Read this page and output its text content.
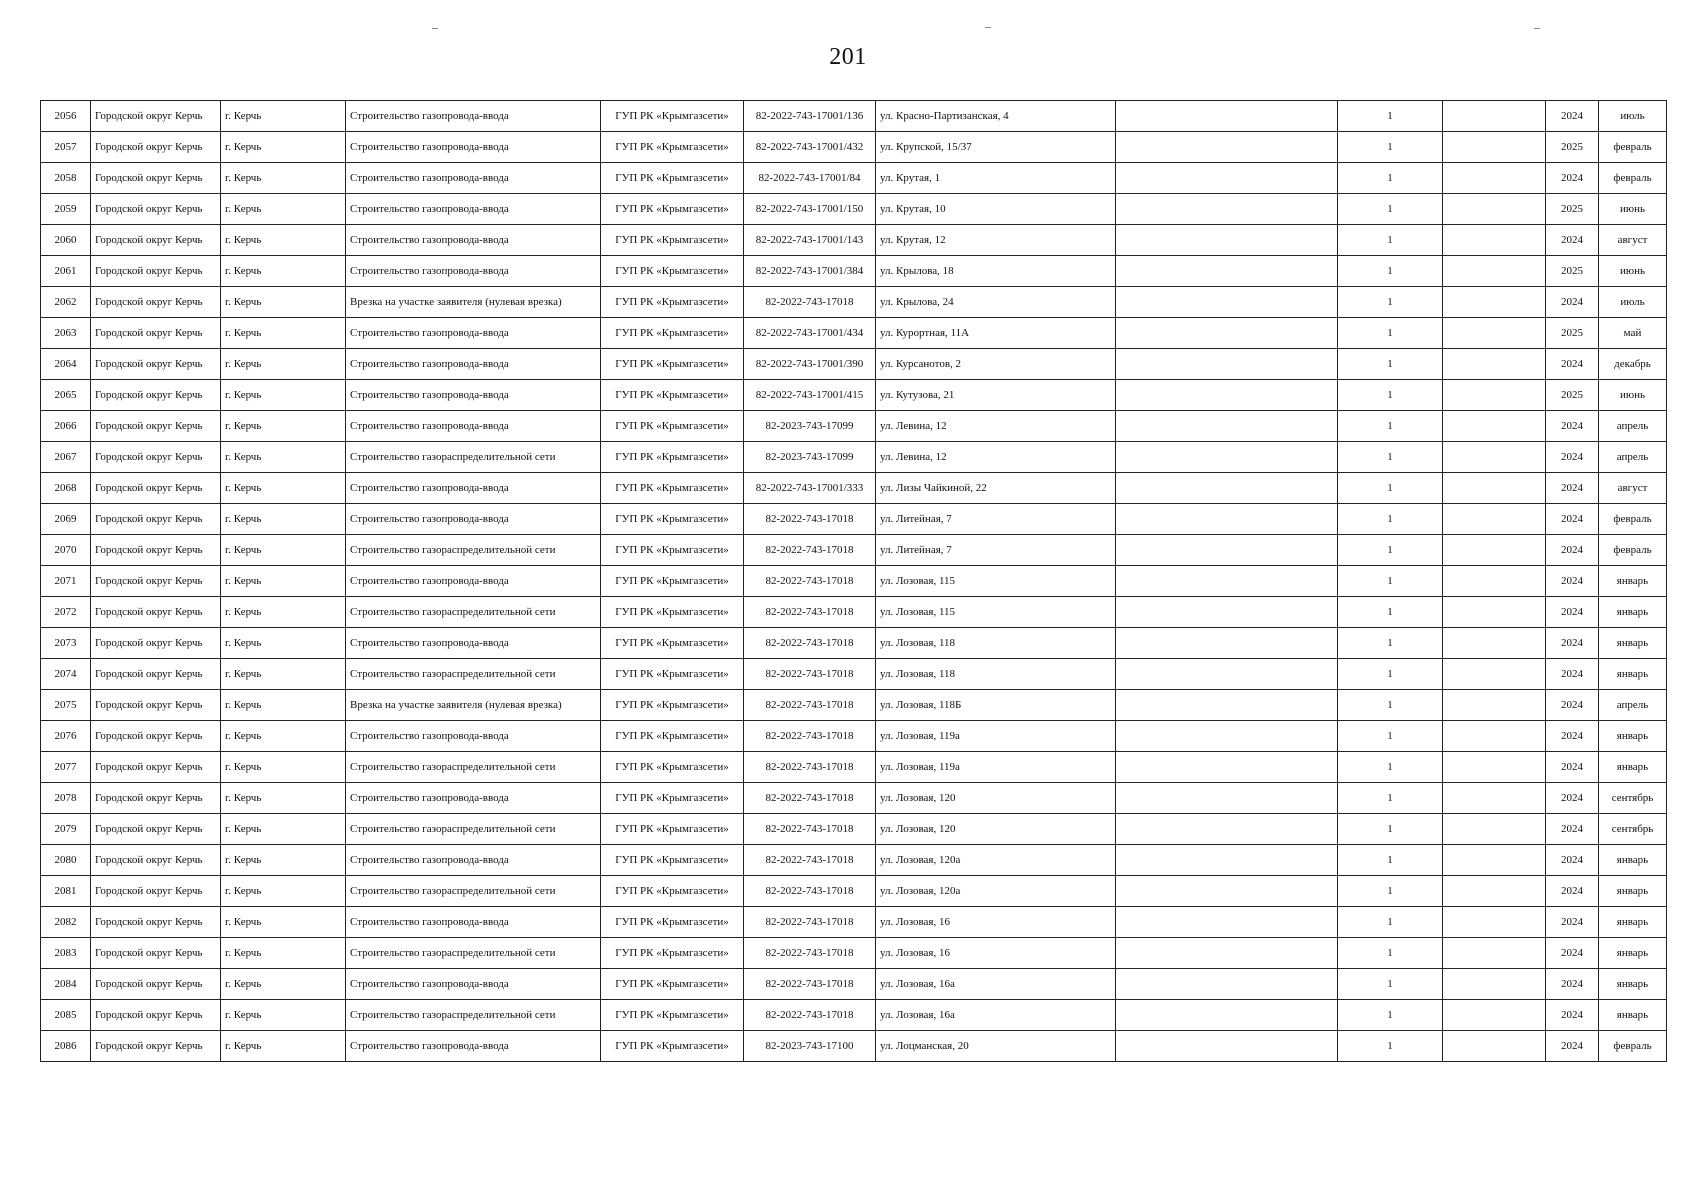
201
2056	Городской округ Керчь	г. Керчь	Строительство газопровода-ввода	ГУП РК «Крымгазсети»	82-2022-743-17001/136	ул. Красно-Партизанская, 4		1		2024	июль
2057	Городской округ Керчь	г. Керчь	Строительство газопровода-ввода	ГУП РК «Крымгазсети»	82-2022-743-17001/432	ул. Крупской, 15/37		1		2025	февраль
2058	Городской округ Керчь	г. Керчь	Строительство газопровода-ввода	ГУП РК «Крымгазсети»	82-2022-743-17001/84	ул. Крутая, 1		1		2024	февраль
2059	Городской округ Керчь	г. Керчь	Строительство газопровода-ввода	ГУП РК «Крымгазсети»	82-2022-743-17001/150	ул. Крутая, 10		1		2025	июнь
2060	Городской округ Керчь	г. Керчь	Строительство газопровода-ввода	ГУП РК «Крымгазсети»	82-2022-743-17001/143	ул. Крутая, 12		1		2024	август
2061	Городской округ Керчь	г. Керчь	Строительство газопровода-ввода	ГУП РК «Крымгазсети»	82-2022-743-17001/384	ул. Крылова, 18		1		2025	июнь
2062	Городской округ Керчь	г. Керчь	Врезка на участке заявителя (нулевая врезка)	ГУП РК «Крымгазсети»	82-2022-743-17018	ул. Крылова, 24		1		2024	июль
2063	Городской округ Керчь	г. Керчь	Строительство газопровода-ввода	ГУП РК «Крымгазсети»	82-2022-743-17001/434	ул. Курортная, 11А		1		2025	май
2064	Городской округ Керчь	г. Керчь	Строительство газопровода-ввода	ГУП РК «Крымгазсети»	82-2022-743-17001/390	ул. Курсанотов, 2		1		2024	декабрь
2065	Городской округ Керчь	г. Керчь	Строительство газопровода-ввода	ГУП РК «Крымгазсети»	82-2022-743-17001/415	ул. Кутузова, 21		1		2025	июнь
2066	Городской округ Керчь	г. Керчь	Строительство газопровода-ввода	ГУП РК «Крымгазсети»	82-2023-743-17099	ул. Левина, 12		1		2024	апрель
2067	Городской округ Керчь	г. Керчь	Строительство газораспределительной сети	ГУП РК «Крымгазсети»	82-2023-743-17099	ул. Левина, 12		1		2024	апрель
2068	Городской округ Керчь	г. Керчь	Строительство газопровода-ввода	ГУП РК «Крымгазсети»	82-2022-743-17001/333	ул. Лизы Чайкиной, 22		1		2024	август
2069	Городской округ Керчь	г. Керчь	Строительство газопровода-ввода	ГУП РК «Крымгазсети»	82-2022-743-17018	ул. Литейная, 7		1		2024	февраль
2070	Городской округ Керчь	г. Керчь	Строительство газораспределительной сети	ГУП РК «Крымгазсети»	82-2022-743-17018	ул. Литейная, 7		1		2024	февраль
2071	Городской округ Керчь	г. Керчь	Строительство газопровода-ввода	ГУП РК «Крымгазсети»	82-2022-743-17018	ул. Лозовая, 115		1		2024	январь
2072	Городской округ Керчь	г. Керчь	Строительство газораспределительной сети	ГУП РК «Крымгазсети»	82-2022-743-17018	ул. Лозовая, 115		1		2024	январь
2073	Городской округ Керчь	г. Керчь	Строительство газопровода-ввода	ГУП РК «Крымгазсети»	82-2022-743-17018	ул. Лозовая, 118		1		2024	январь
2074	Городской округ Керчь	г. Керчь	Строительство газораспределительной сети	ГУП РК «Крымгазсети»	82-2022-743-17018	ул. Лозовая, 118		1		2024	январь
2075	Городской округ Керчь	г. Керчь	Врезка на участке заявителя (нулевая врезка)	ГУП РК «Крымгазсети»	82-2022-743-17018	ул. Лозовая, 118Б		1		2024	апрель
2076	Городской округ Керчь	г. Керчь	Строительство газопровода-ввода	ГУП РК «Крымгазсети»	82-2022-743-17018	ул. Лозовая, 119а		1		2024	январь
2077	Городской округ Керчь	г. Керчь	Строительство газораспределительной сети	ГУП РК «Крымгазсети»	82-2022-743-17018	ул. Лозовая, 119а		1		2024	январь
2078	Городской округ Керчь	г. Керчь	Строительство газопровода-ввода	ГУП РК «Крымгазсети»	82-2022-743-17018	ул. Лозовая, 120		1		2024	сентябрь
2079	Городской округ Керчь	г. Керчь	Строительство газораспределительной сети	ГУП РК «Крымгазсети»	82-2022-743-17018	ул. Лозовая, 120		1		2024	сентябрь
2080	Городской округ Керчь	г. Керчь	Строительство газопровода-ввода	ГУП РК «Крымгазсети»	82-2022-743-17018	ул. Лозовая, 120а		1		2024	январь
2081	Городской округ Керчь	г. Керчь	Строительство газораспределительной сети	ГУП РК «Крымгазсети»	82-2022-743-17018	ул. Лозовая, 120а		1		2024	январь
2082	Городской округ Керчь	г. Керчь	Строительство газопровода-ввода	ГУП РК «Крымгазсети»	82-2022-743-17018	ул. Лозовая, 16		1		2024	январь
2083	Городской округ Керчь	г. Керчь	Строительство газораспределительной сети	ГУП РК «Крымгазсети»	82-2022-743-17018	ул. Лозовая, 16		1		2024	январь
2084	Городской округ Керчь	г. Керчь	Строительство газопровода-ввода	ГУП РК «Крымгазсети»	82-2022-743-17018	ул. Лозовая, 16а		1		2024	январь
2085	Городской округ Керчь	г. Керчь	Строительство газораспределительной сети	ГУП РК «Крымгазсети»	82-2022-743-17018	ул. Лозовая, 16а		1		2024	январь
2086	Городской округ Керчь	г. Керчь	Строительство газопровода-ввода	ГУП РК «Крымгазсети»	82-2023-743-17100	ул. Лоцманская, 20		1		2024	февраль
